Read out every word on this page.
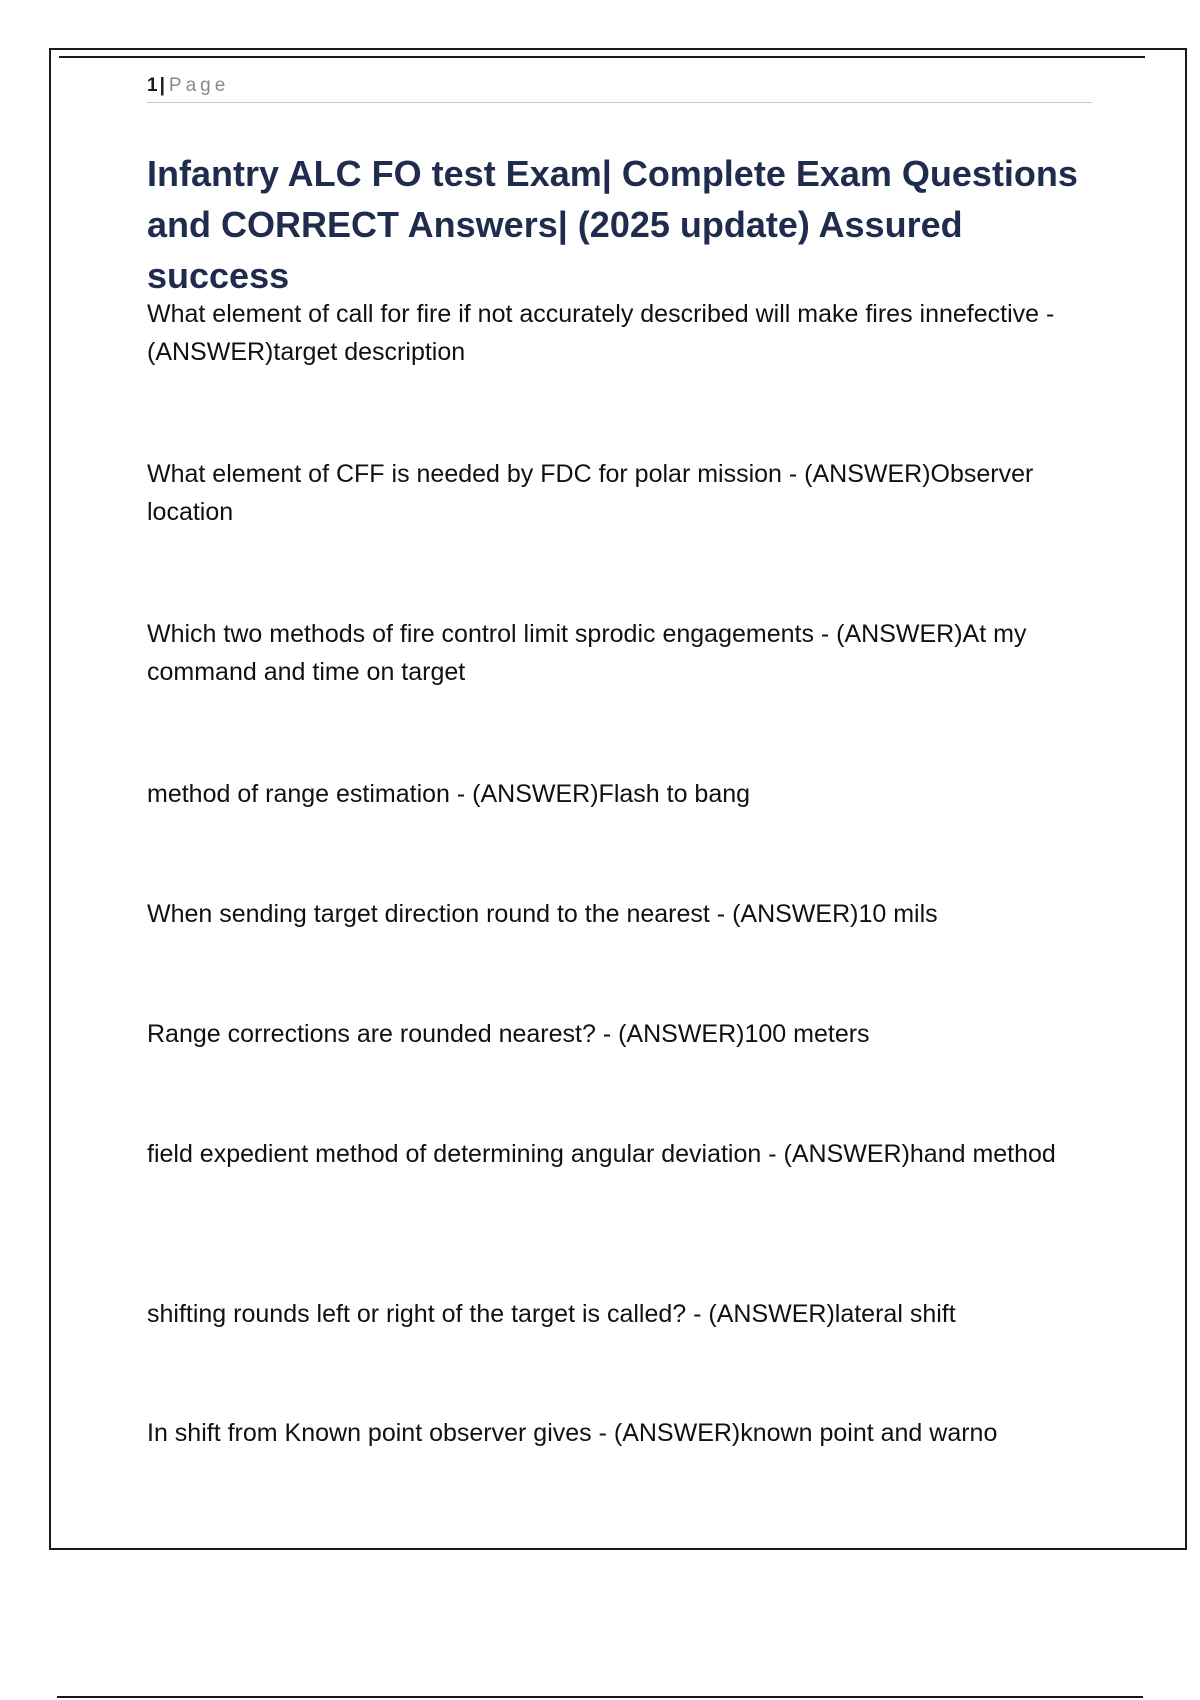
1 | Page
Infantry ALC FO test Exam| Complete Exam Questions and CORRECT Answers| (2025 update) Assured success

What element of call for fire if not accurately described will make fires innefective - (ANSWER)target description

What element of CFF is needed by FDC for polar mission - (ANSWER)Observer location

Which two methods of fire control limit sprodic engagements - (ANSWER)At my command and time on target

method of range estimation - (ANSWER)Flash to bang

When sending target direction round to the nearest - (ANSWER)10 mils

Range corrections are rounded nearest? - (ANSWER)100 meters

field expedient method of determining angular deviation - (ANSWER)hand method

shifting rounds left or right of the target is called? - (ANSWER)lateral shift

In shift from Known point observer gives - (ANSWER)known point and warno
